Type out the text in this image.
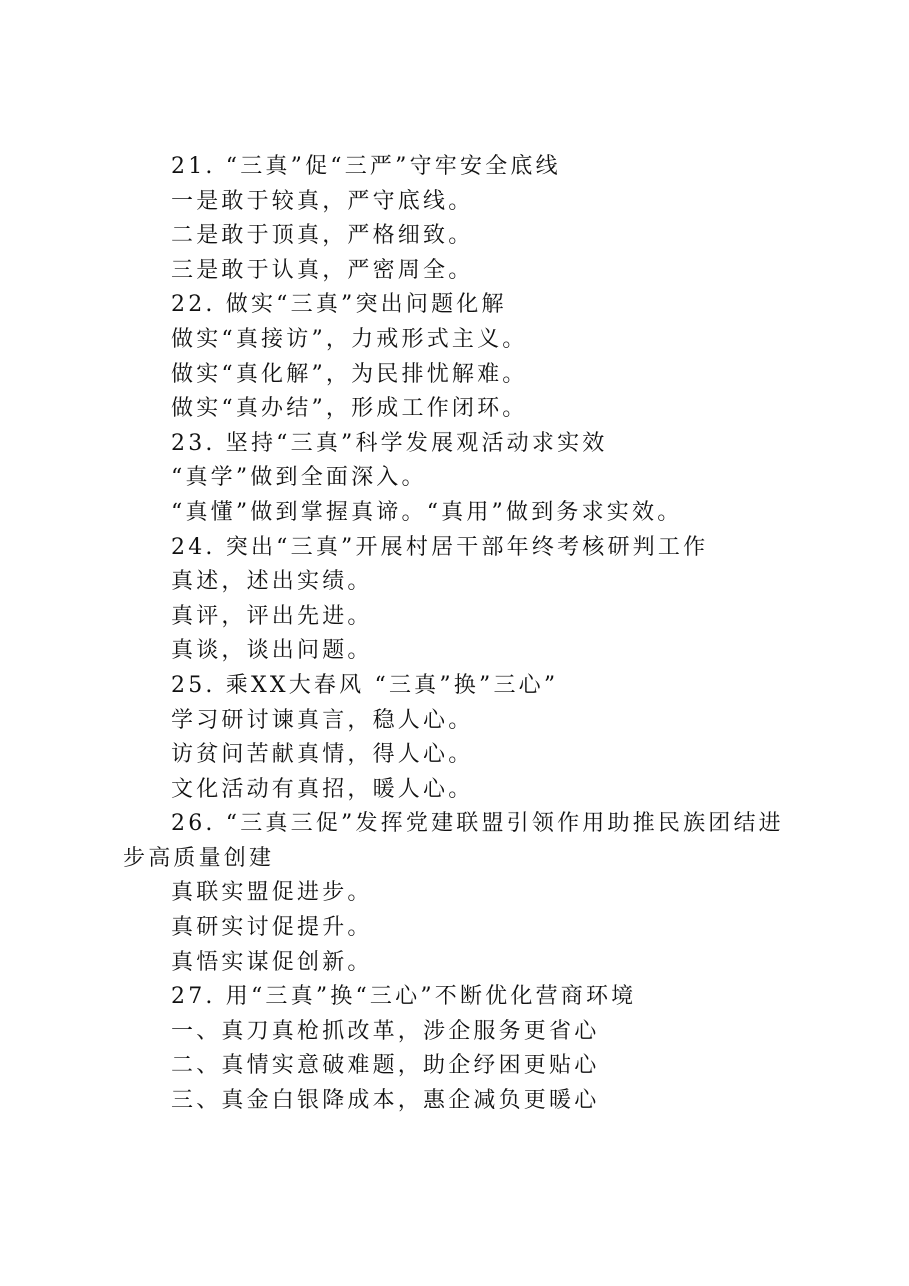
21. “三真”促“三严”守牢安全底线
一是敢于较真，严守底线。
二是敢于顶真，严格细致。
三是敢于认真，严密周全。
22. 做实“三真”突出问题化解
做实“真接访”，力戒形式主义。
做实“真化解”，为民排忧解难。
做实“真办结”，形成工作闭环。
23. 坚持“三真”科学发展观活动求实效
“真学”做到全面深入。
“真懂”做到掌握真谛。“真用”做到务求实效。
24. 突出“三真”开展村居干部年终考核研判工作
真述，述出实绩。
真评，评出先进。
真谈，谈出问题。
25. 乘XX大春风 “三真”换”三心”
学习研讨谏真言，稳人心。
访贫问苦献真情，得人心。
文化活动有真招，暖人心。
26. “三真三促”发挥党建联盟引领作用助推民族团结进
步高质量创建
真联实盟促进步。
真研实讨促提升。
真悟实谋促创新。
27. 用“三真”换“三心”不断优化营商环境
一、真刀真枪抓改革，涉企服务更省心
二、真情实意破难题，助企纾困更贴心
三、真金白银降成本，惠企减负更暖心
